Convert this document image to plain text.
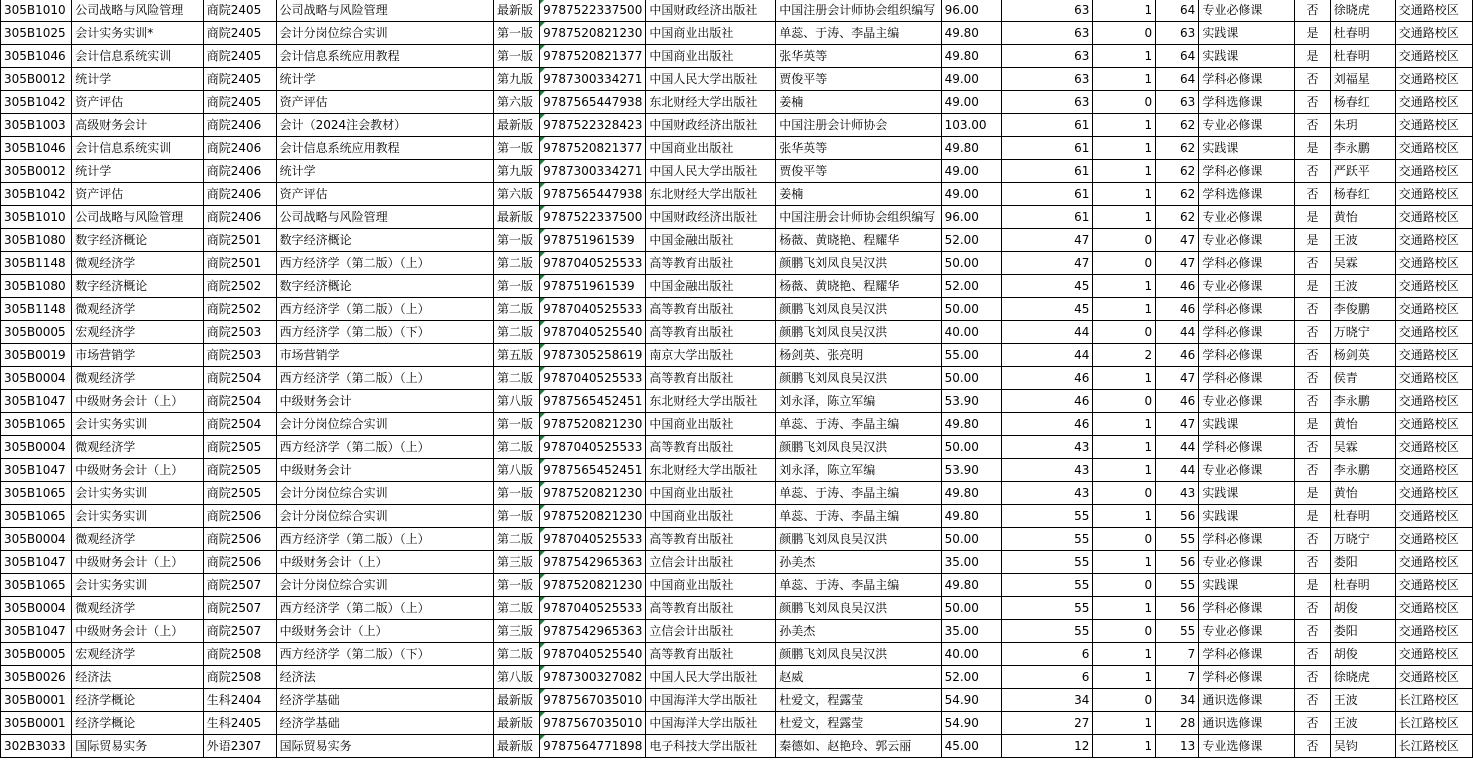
305B1010	公司战略与风险管理	商院2405	公司战略与风险管理	最新版	9787522337500	中国财政经济出版社	中国注册会计师协会组织编写	96.00	63	1	64	专业必修课	否	徐晓虎	交通路校区
305B1025	会计实务实训*	商院2405	会计分岗位综合实训	第一版	9787520821230	中国商业出版社	单蕊、于涛、李晶主编	49.80	63	0	63	实践课	是	杜春明	交通路校区
305B1046	会计信息系统实训	商院2405	会计信息系统应用教程	第一版	9787520821377	中国商业出版社	张华英等	49.80	63	1	64	实践课	是	杜春明	交通路校区
305B0012	统计学	商院2405	统计学	第九版	9787300334271	中国人民大学出版社	贾俊平等	49.00	63	1	64	学科必修课	否	刘福星	交通路校区
305B1042	资产评估	商院2405	资产评估	第六版	9787565447938	东北财经大学出版社	姜楠	49.00	63	0	63	学科选修课	否	杨春红	交通路校区
305B1003	高级财务会计	商院2406	会计（2024注会教材）	最新版	9787522328423	中国财政经济出版社	中国注册会计师协会	103.00	61	1	62	专业必修课	否	朱玥	交通路校区
305B1046	会计信息系统实训	商院2406	会计信息系统应用教程	第一版	9787520821377	中国商业出版社	张华英等	49.80	61	1	62	实践课	是	李永鹏	交通路校区
305B0012	统计学	商院2406	统计学	第九版	9787300334271	中国人民大学出版社	贾俊平等	49.00	61	1	62	学科必修课	否	严跃平	交通路校区
305B1042	资产评估	商院2406	资产评估	第六版	9787565447938	东北财经大学出版社	姜楠	49.00	61	1	62	学科选修课	否	杨春红	交通路校区
305B1010	公司战略与风险管理	商院2406	公司战略与风险管理	最新版	9787522337500	中国财政经济出版社	中国注册会计师协会组织编写	96.00	61	1	62	专业必修课	是	黄怡	交通路校区
305B1080	数字经济概论	商院2501	数字经济概论	第一版	978751961539	中国金融出版社	杨薇、黄晓艳、程耀华	52.00	47	0	47	专业必修课	是	王波	交通路校区
305B1148	微观经济学	商院2501	西方经济学（第二版）（上）	第二版	9787040525533	高等教育出版社	颜鹏飞刘凤良吴汉洪	50.00	47	0	47	学科必修课	否	吴霖	交通路校区
305B1080	数字经济概论	商院2502	数字经济概论	第一版	978751961539	中国金融出版社	杨薇、黄晓艳、程耀华	52.00	45	1	46	专业必修课	是	王波	交通路校区
305B1148	微观经济学	商院2502	西方经济学（第二版）（上）	第二版	9787040525533	高等教育出版社	颜鹏飞刘凤良吴汉洪	50.00	45	1	46	学科必修课	否	李俊鹏	交通路校区
305B0005	宏观经济学	商院2503	西方经济学（第二版）（下）	第二版	9787040525540	高等教育出版社	颜鹏飞刘凤良吴汉洪	40.00	44	0	44	学科必修课	否	万晓宁	交通路校区
305B0019	市场营销学	商院2503	市场营销学	第五版	9787305258619	南京大学出版社	杨剑英、张亮明	55.00	44	2	46	学科必修课	否	杨剑英	交通路校区
305B0004	微观经济学	商院2504	西方经济学（第二版）（上）	第二版	9787040525533	高等教育出版社	颜鹏飞刘凤良吴汉洪	50.00	46	1	47	学科必修课	否	侯青	交通路校区
305B1047	中级财务会计（上）	商院2504	中级财务会计	第八版	9787565452451	东北财经大学出版社	刘永泽，陈立军编	53.90	46	0	46	专业必修课	否	李永鹏	交通路校区
305B1065	会计实务实训	商院2504	会计分岗位综合实训	第一版	9787520821230	中国商业出版社	单蕊、于涛、李晶主编	49.80	46	1	47	实践课	是	黄怡	交通路校区
305B0004	微观经济学	商院2505	西方经济学（第二版）（上）	第二版	9787040525533	高等教育出版社	颜鹏飞刘凤良吴汉洪	50.00	43	1	44	学科必修课	否	吴霖	交通路校区
305B1047	中级财务会计（上）	商院2505	中级财务会计	第八版	9787565452451	东北财经大学出版社	刘永泽，陈立军编	53.90	43	1	44	专业必修课	否	李永鹏	交通路校区
305B1065	会计实务实训	商院2505	会计分岗位综合实训	第一版	9787520821230	中国商业出版社	单蕊、于涛、李晶主编	49.80	43	0	43	实践课	是	黄怡	交通路校区
305B1065	会计实务实训	商院2506	会计分岗位综合实训	第一版	9787520821230	中国商业出版社	单蕊、于涛、李晶主编	49.80	55	1	56	实践课	是	杜春明	交通路校区
305B0004	微观经济学	商院2506	西方经济学（第二版）（上）	第二版	9787040525533	高等教育出版社	颜鹏飞刘凤良吴汉洪	50.00	55	0	55	学科必修课	否	万晓宁	交通路校区
305B1047	中级财务会计（上）	商院2506	中级财务会计（上）	第三版	9787542965363	立信会计出版社	孙美杰	35.00	55	1	56	专业必修课	否	娄阳	交通路校区
305B1065	会计实务实训	商院2507	会计分岗位综合实训	第一版	9787520821230	中国商业出版社	单蕊、于涛、李晶主编	49.80	55	0	55	实践课	是	杜春明	交通路校区
305B0004	微观经济学	商院2507	西方经济学（第二版）（上）	第二版	9787040525533	高等教育出版社	颜鹏飞刘凤良吴汉洪	50.00	55	1	56	学科必修课	否	胡俊	交通路校区
305B1047	中级财务会计（上）	商院2507	中级财务会计（上）	第三版	9787542965363	立信会计出版社	孙美杰	35.00	55	0	55	专业必修课	否	娄阳	交通路校区
305B0005	宏观经济学	商院2508	西方经济学（第二版）（下）	第二版	9787040525540	高等教育出版社	颜鹏飞刘凤良吴汉洪	40.00	6	1	7	学科必修课	否	胡俊	交通路校区
305B0026	经济法	商院2508	经济法	第八版	9787300327082	中国人民大学出版社	赵威	52.00	6	1	7	学科必修课	否	徐晓虎	交通路校区
305B0001	经济学概论	生科2404	经济学基础	最新版	9787567035010	中国海洋大学出版社	杜爱文，程露莹	54.90	34	0	34	通识选修课	否	王波	长江路校区
305B0001	经济学概论	生科2405	经济学基础	最新版	9787567035010	中国海洋大学出版社	杜爱文，程露莹	54.90	27	1	28	通识选修课	否	王波	长江路校区
302B3033	国际贸易实务	外语2307	国际贸易实务	最新版	9787564771898	电子科技大学出版社	秦德如、赵艳玲、郭云丽	45.00	12	1	13	专业选修课	否	吴钧	长江路校区
